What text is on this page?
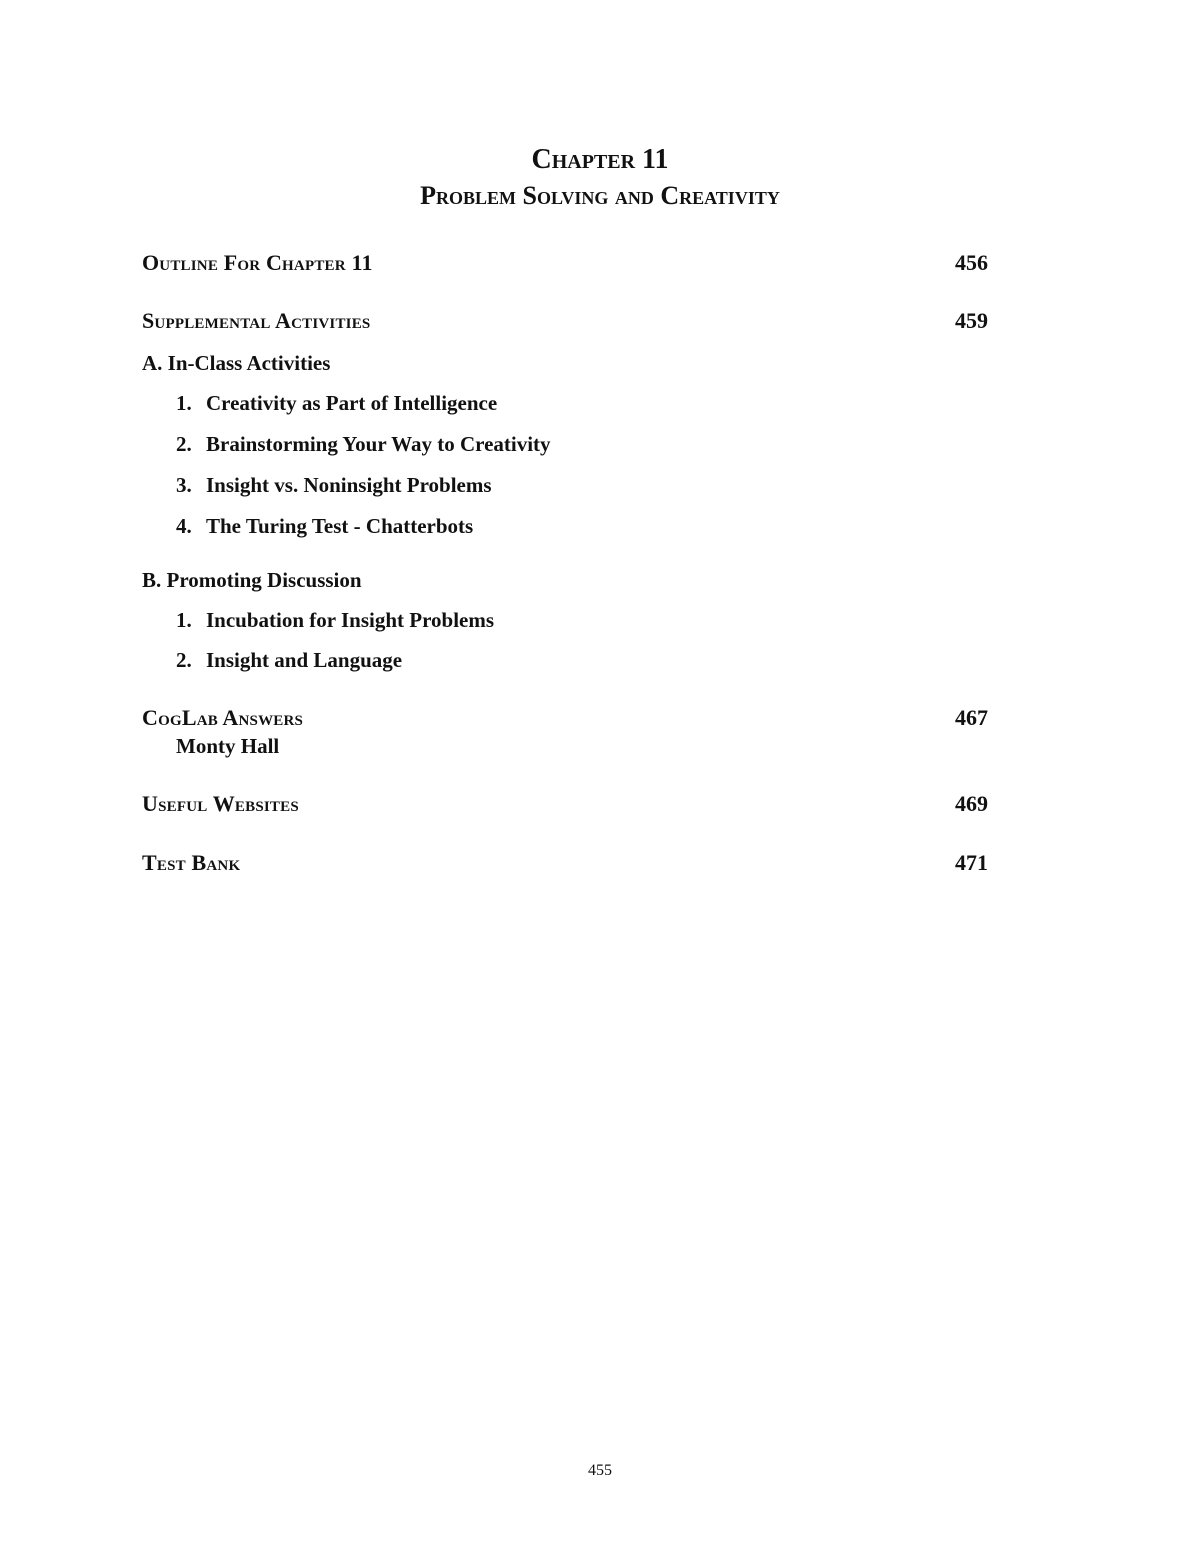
Chapter 11
Problem Solving and Creativity
Outline For Chapter 11	456
Supplemental Activities	459
A. In-Class Activities
1. Creativity as Part of Intelligence
2. Brainstorming Your Way to Creativity
3. Insight vs. Noninsight Problems
4. The Turing Test - Chatterbots
B. Promoting Discussion
1. Incubation for Insight Problems
2. Insight and Language
CogLab Answers	467
Monty Hall
Useful Websites	469
Test Bank	471
455
